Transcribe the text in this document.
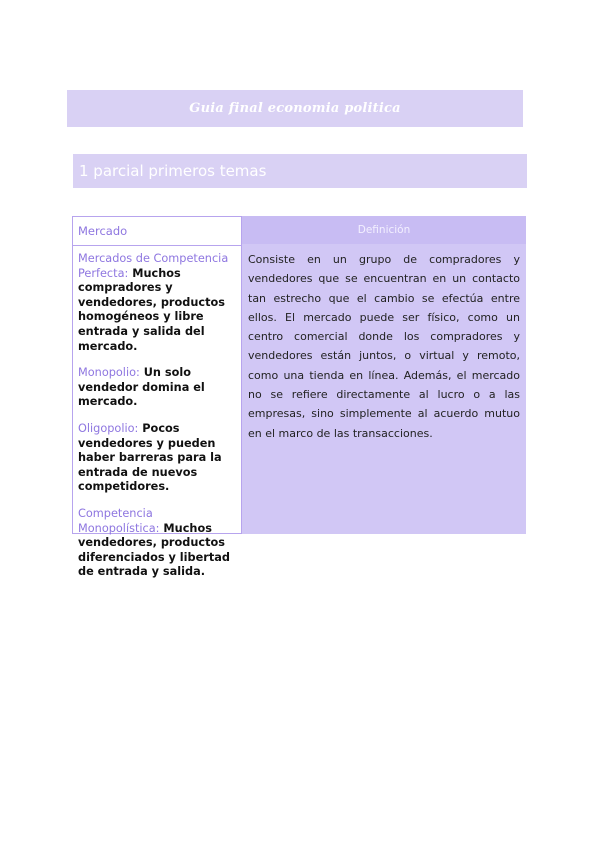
Guia final economia politica
1 parcial primeros temas
Mercado
Mercados de Competencia Perfecta: Muchos compradores y vendedores, productos homogéneos y libre entrada y salida del mercado.
Monopolio: Un solo vendedor domina el mercado.
Oligopolio: Pocos vendedores y pueden haber barreras para la entrada de nuevos competidores.
Competencia Monopolística: Muchos vendedores, productos diferenciados y libertad de entrada y salida.
Definición
Consiste en un grupo de compradores y vendedores que se encuentran en un contacto tan estrecho que el cambio se efectúa entre ellos. El mercado puede ser físico, como un centro comercial donde los compradores y vendedores están juntos, o virtual y remoto, como una tienda en línea. Además, el mercado no se refiere directamente al lucro o a las empresas, sino simplemente al acuerdo mutuo en el marco de las transacciones.
